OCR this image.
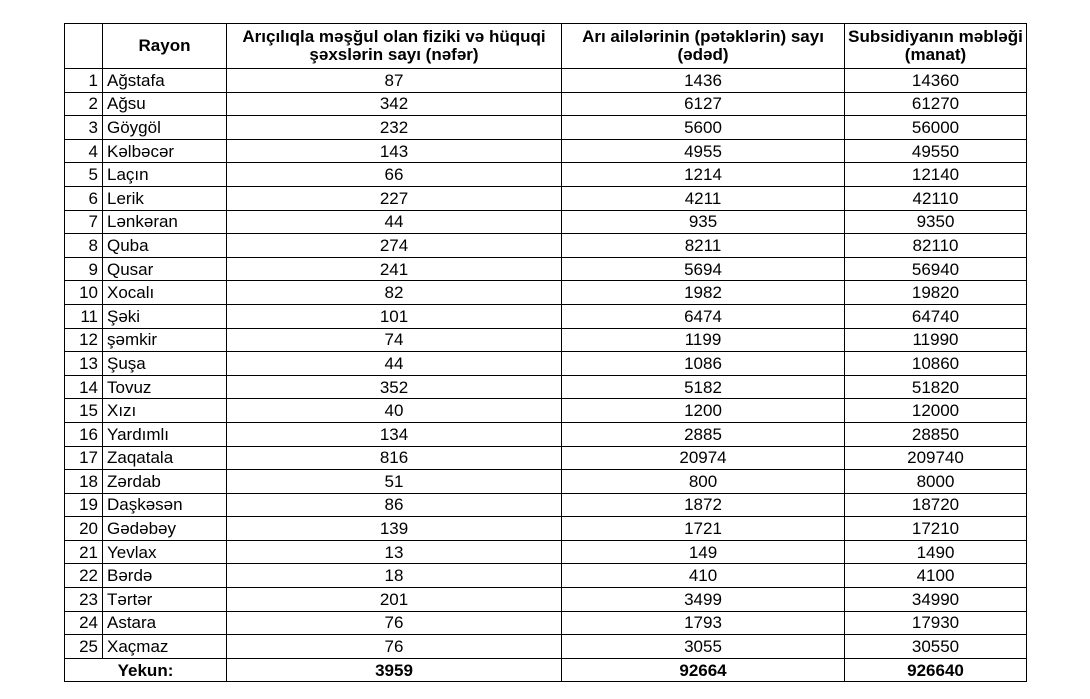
	Rayon	Arıçılıqla məşğul olan fiziki və hüquqi şəxslərin sayı (nəfər)	Arı ailələrinin (pətəklərin) sayı (ədəd)	Subsidiyanın məbləği (manat)
1	Ağstafa	87	1436	14360
2	Ağsu	342	6127	61270
3	Göygöl	232	5600	56000
4	Kəlbəcər	143	4955	49550
5	Laçın	66	1214	12140
6	Lerik	227	4211	42110
7	Lənkəran	44	935	9350
8	Quba	274	8211	82110
9	Qusar	241	5694	56940
10	Xocalı	82	1982	19820
11	Şəki	101	6474	64740
12	şəmkir	74	1199	11990
13	Şuşa	44	1086	10860
14	Tovuz	352	5182	51820
15	Xızı	40	1200	12000
16	Yardımlı	134	2885	28850
17	Zaqatala	816	20974	209740
18	Zərdab	51	800	8000
19	Daşkəsən	86	1872	18720
20	Gədəbəy	139	1721	17210
21	Yevlax	13	149	1490
22	Bərdə	18	410	4100
23	Tərtər	201	3499	34990
24	Astara	76	1793	17930
25	Xaçmaz	76	3055	30550
Yekun:		3959	92664	926640
